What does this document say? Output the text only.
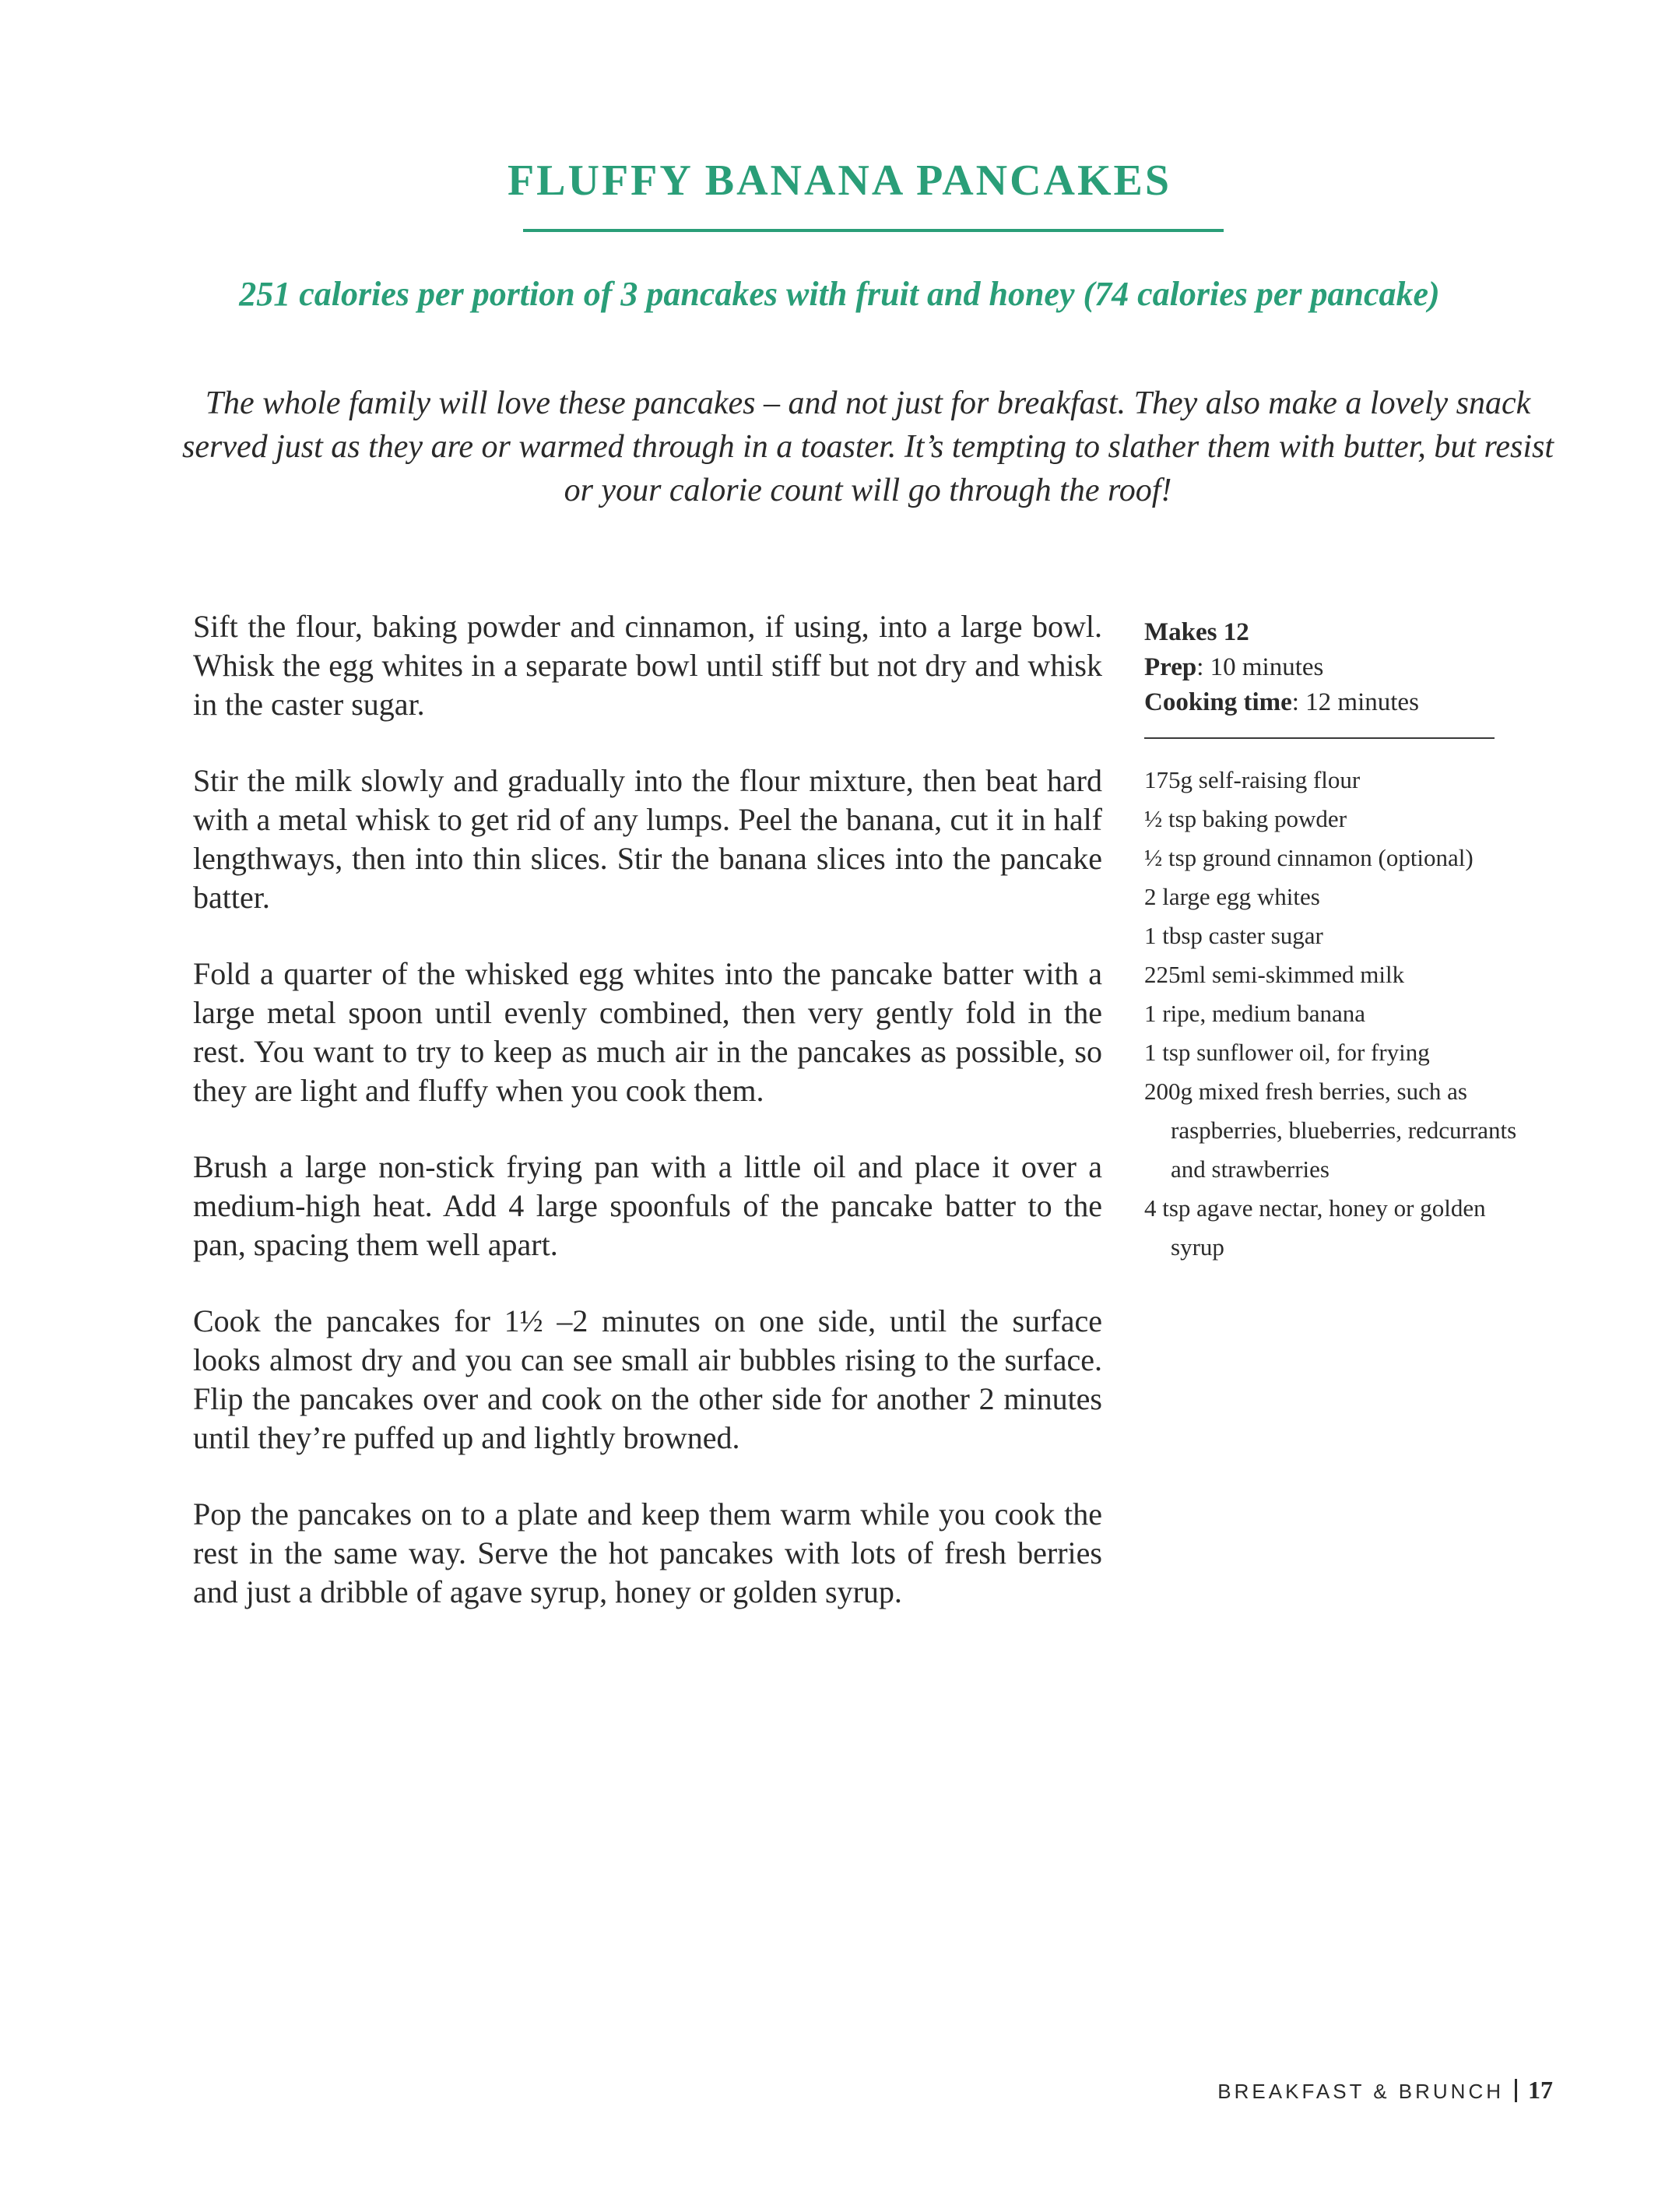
FLUFFY BANANA PANCAKES

251 calories per portion of 3 pancakes with fruit and honey (74 calories per pancake)

The whole family will love these pancakes – and not just for breakfast. They also make a lovely snack served just as they are or warmed through in a toaster. It’s tempting to slather them with butter, but resist or your calorie count will go through the roof!

Sift the flour, baking powder and cinnamon, if using, into a large bowl. Whisk the egg whites in a separate bowl until stiff but not dry and whisk in the caster sugar.

Stir the milk slowly and gradually into the flour mixture, then beat hard with a metal whisk to get rid of any lumps. Peel the banana, cut it in half lengthways, then into thin slices. Stir the banana slices into the pancake batter.

Fold a quarter of the whisked egg whites into the pancake batter with a large metal spoon until evenly combined, then very gently fold in the rest. You want to try to keep as much air in the pancakes as possible, so they are light and fluffy when you cook them.

Brush a large non-stick frying pan with a little oil and place it over a medium-high heat. Add 4 large spoonfuls of the pancake batter to the pan, spacing them well apart.

Cook the pancakes for 1½ –2 minutes on one side, until the surface looks almost dry and you can see small air bubbles rising to the surface. Flip the pancakes over and cook on the other side for another 2 minutes until they’re puffed up and lightly browned.

Pop the pancakes on to a plate and keep them warm while you cook the rest in the same way. Serve the hot pancakes with lots of fresh berries and just a dribble of agave syrup, honey or golden syrup.

Makes 12

Prep: 10 minutes

Cooking time: 12 minutes

175g self-raising flour
½ tsp baking powder
½ tsp ground cinnamon (optional)
2 large egg whites
1 tbsp caster sugar
225ml semi-skimmed milk
1 ripe, medium banana
1 tsp sunflower oil, for frying
200g mixed fresh berries, such as raspberries, blueberries, redcurrants and strawberries
4 tsp agave nectar, honey or golden syrup
BREAKFAST & BRUNCH 17
